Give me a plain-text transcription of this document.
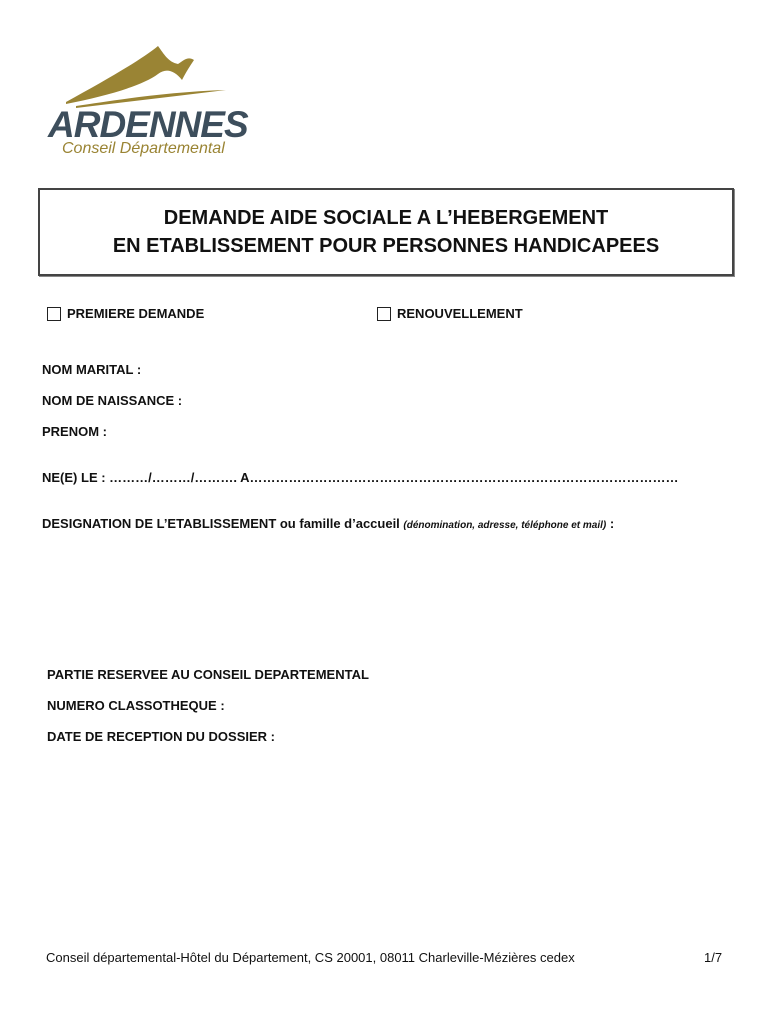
ARDENNES
Conseil Départemental
DEMANDE AIDE SOCIALE A L’HEBERGEMENT
EN ETABLISSEMENT POUR PERSONNES HANDICAPEES
PREMIERE DEMANDE	RENOUVELLEMENT
NOM MARITAL :
NOM DE NAISSANCE :
PRENOM :
NE(E) LE : ………/………/………. A………………………………………………………………………………………
DESIGNATION DE L’ETABLISSEMENT ou famille d’accueil (dénomination, adresse, téléphone et mail) :
PARTIE RESERVEE AU CONSEIL DEPARTEMENTAL
NUMERO CLASSOTHEQUE :
DATE DE RECEPTION DU DOSSIER :
Conseil départemental-Hôtel du Département, CS 20001, 08011 Charleville-Mézières cedex	1/7
